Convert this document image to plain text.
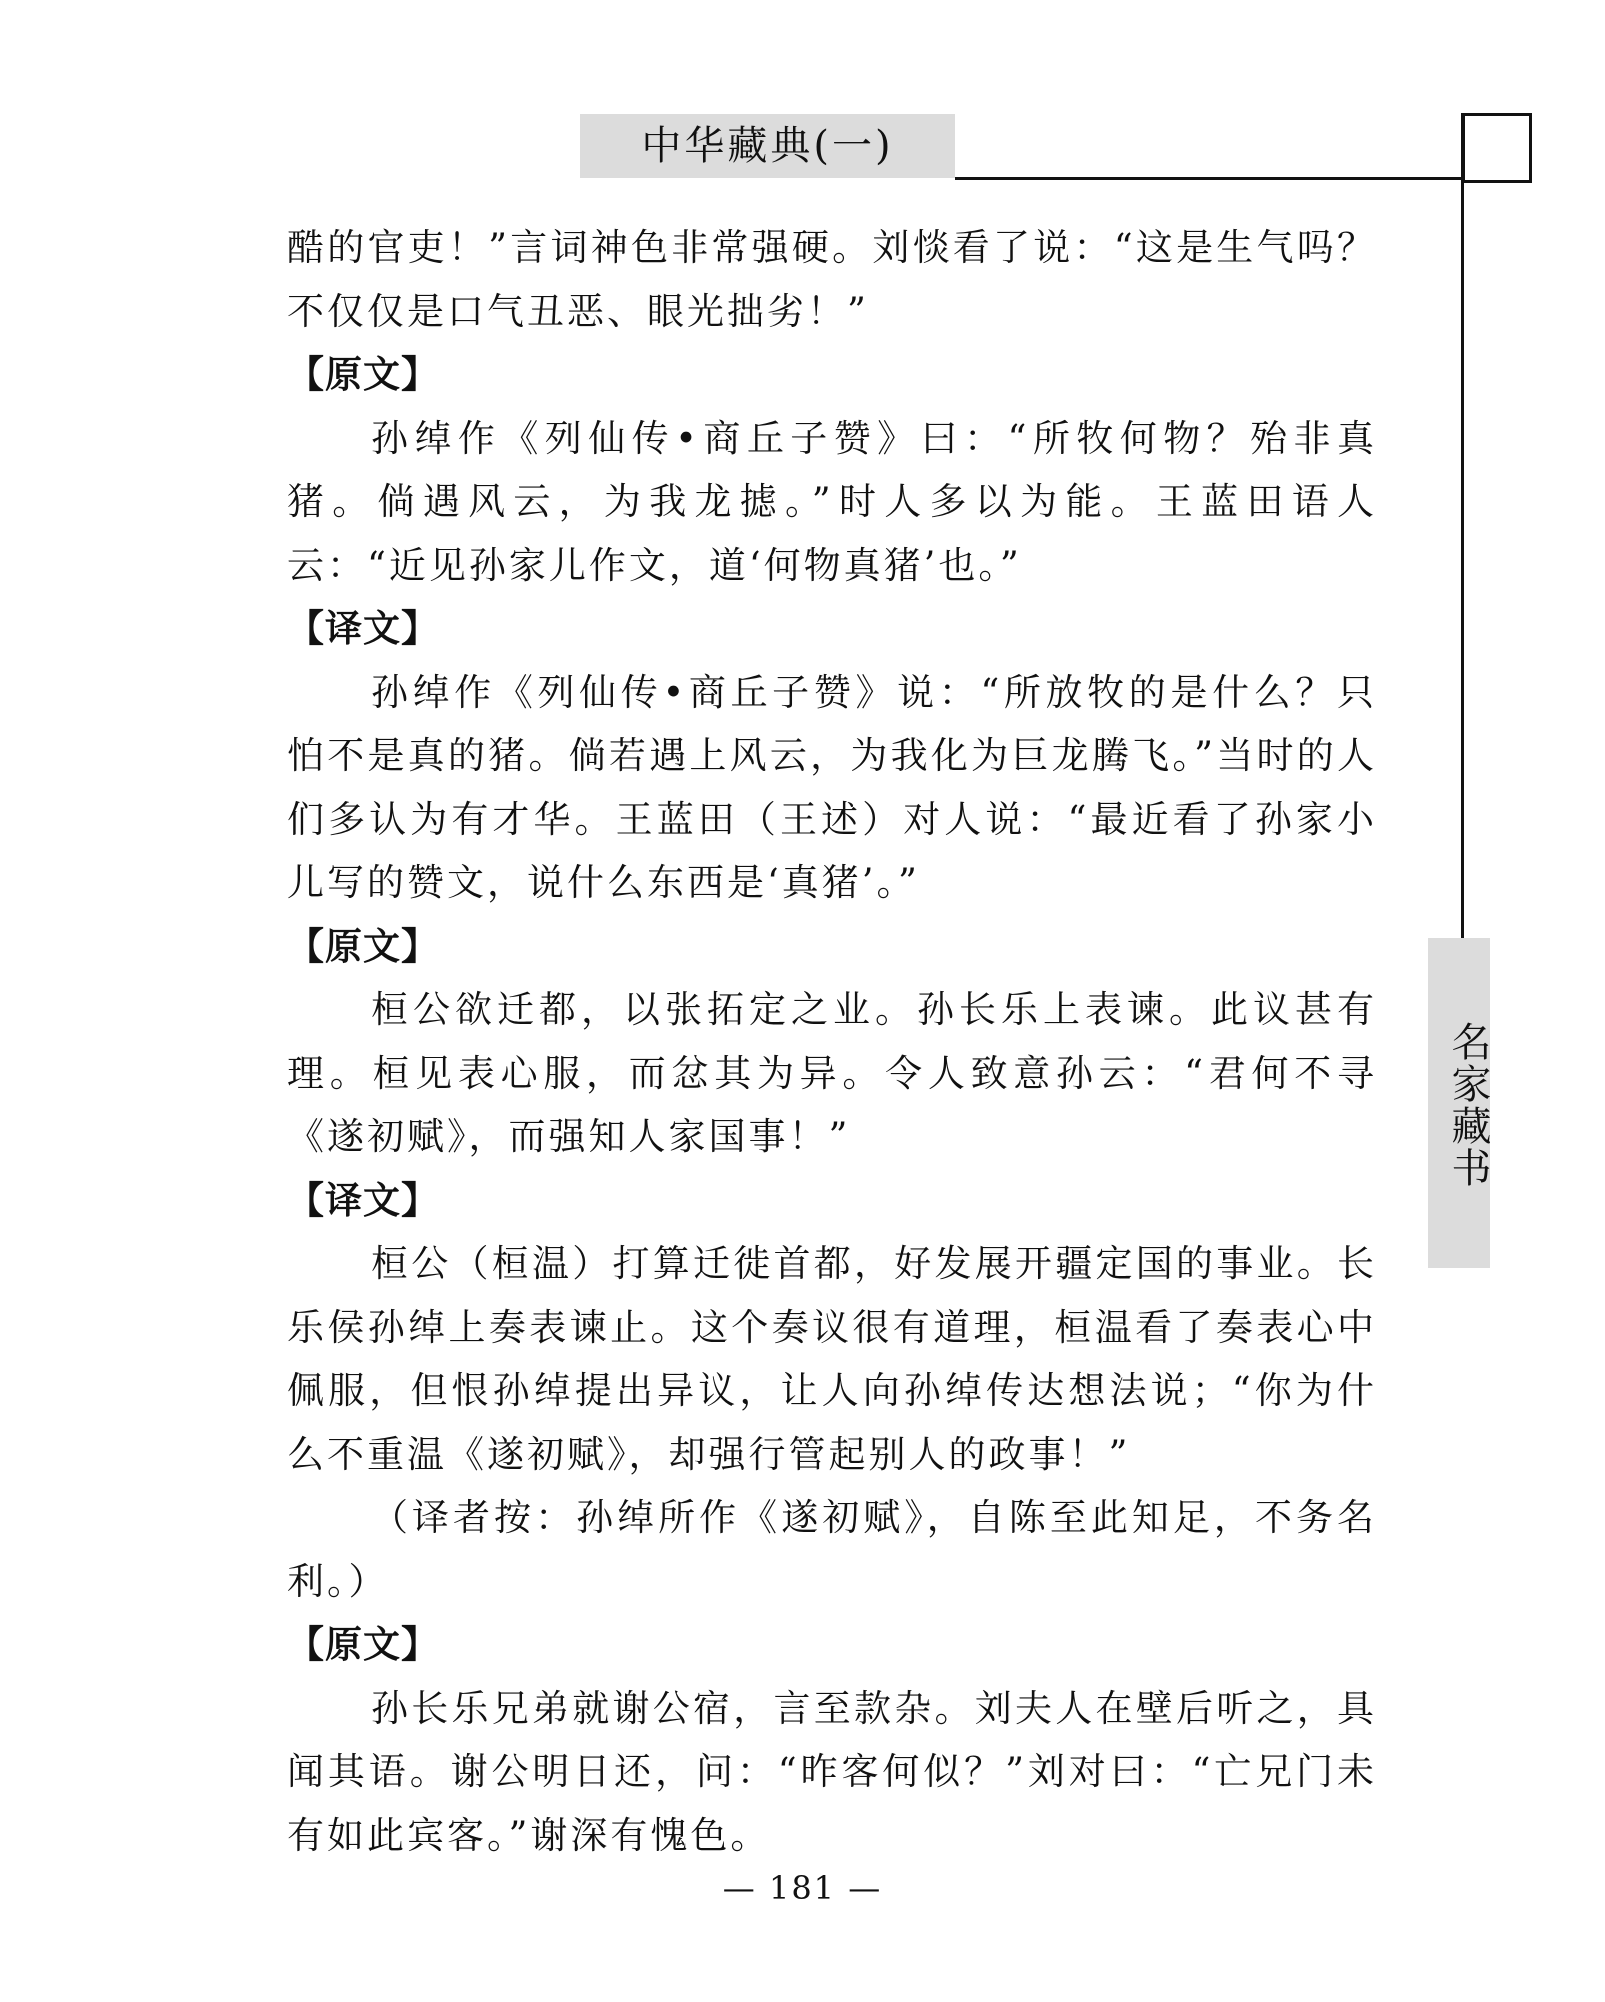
中华藏典(一)
名家藏书

酷的官吏！”言词神色非常强硬。刘惔看了说：“这是生气吗？不仅仅是口气丑恶、眼光拙劣！”

【原文】

孙绰作《列仙传•商丘子赞》曰：“所牧何物？殆非真猪。倘遇风云，为我龙摅。”时人多以为能。王蓝田语人云：“近见孙家儿作文，道‘何物真猪’也。”

【译文】

孙绰作《列仙传•商丘子赞》说：“所放牧的是什么？只怕不是真的猪。倘若遇上风云，为我化为巨龙腾飞。”当时的人们多认为有才华。王蓝田（王述）对人说：“最近看了孙家小儿写的赞文，说什么东西是‘真猪’。”

【原文】

桓公欲迁都，以张拓定之业。孙长乐上表谏。此议甚有理。桓见表心服，而忿其为异。令人致意孙云：“君何不寻《遂初赋》，而强知人家国事！”

【译文】

桓公（桓温）打算迁徙首都，好发展开疆定国的事业。长乐侯孙绰上奏表谏止。这个奏议很有道理，桓温看了奏表心中佩服，但恨孙绰提出异议，让人向孙绰传达想法说；“你为什么不重温《遂初赋》，却强行管起别人的政事！”

（译者按：孙绰所作《遂初赋》，自陈至此知足，不务名利。）

【原文】

孙长乐兄弟就谢公宿，言至款杂。刘夫人在壁后听之，具闻其语。谢公明日还，问：“昨客何似？”刘对曰：“亡兄门未有如此宾客。”谢深有愧色。

— 181 —
